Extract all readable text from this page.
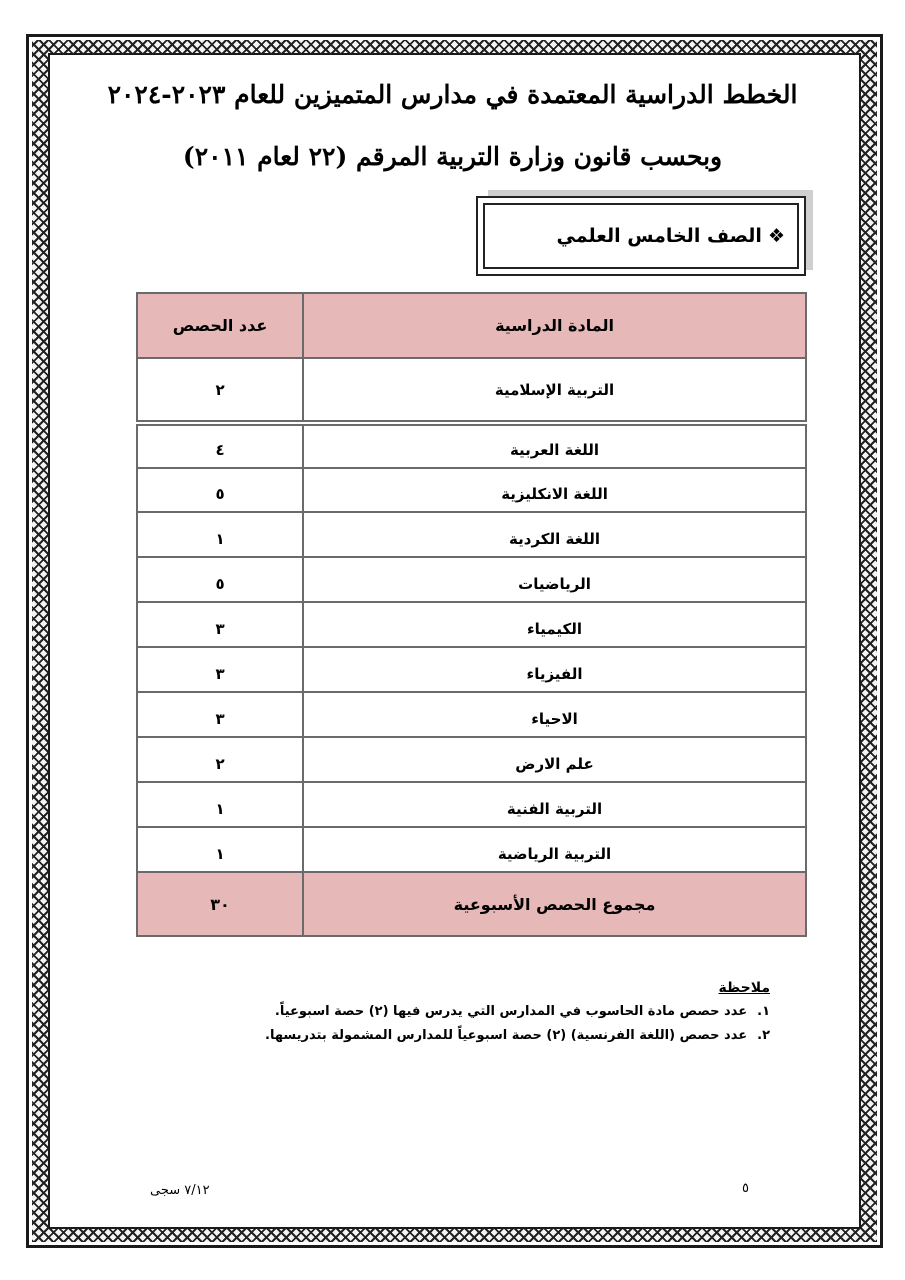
الخطط الدراسية المعتمدة في مدارس المتميزين للعام ٢٠٢٣-٢٠٢٤
وبحسب قانون وزارة التربية المرقم (٢٢ لعام ٢٠١١)
❖
الصف الخامس العلمي
المادة الدراسية
عدد الحصص
التربية الإسلامية
٢
اللغة العربية
٤
اللغة الانكليزية
٥
اللغة الكردية
١
الرياضيات
٥
الكيمياء
٣
الفيزياء
٣
الاحياء
٣
علم الارض
٢
التربية الفنية
١
التربية الرياضية
١
مجموع الحصص الأسبوعية
٣٠
ملاحظة
١.عدد حصص مادة الحاسوب في المدارس التي يدرس فيها (٢) حصة اسبوعياً.
٢.عدد حصص (اللغة الفرنسية) (٢) حصة اسبوعياً للمدارس المشمولة بتدريسها.
٧/١٢ سجى	٥
